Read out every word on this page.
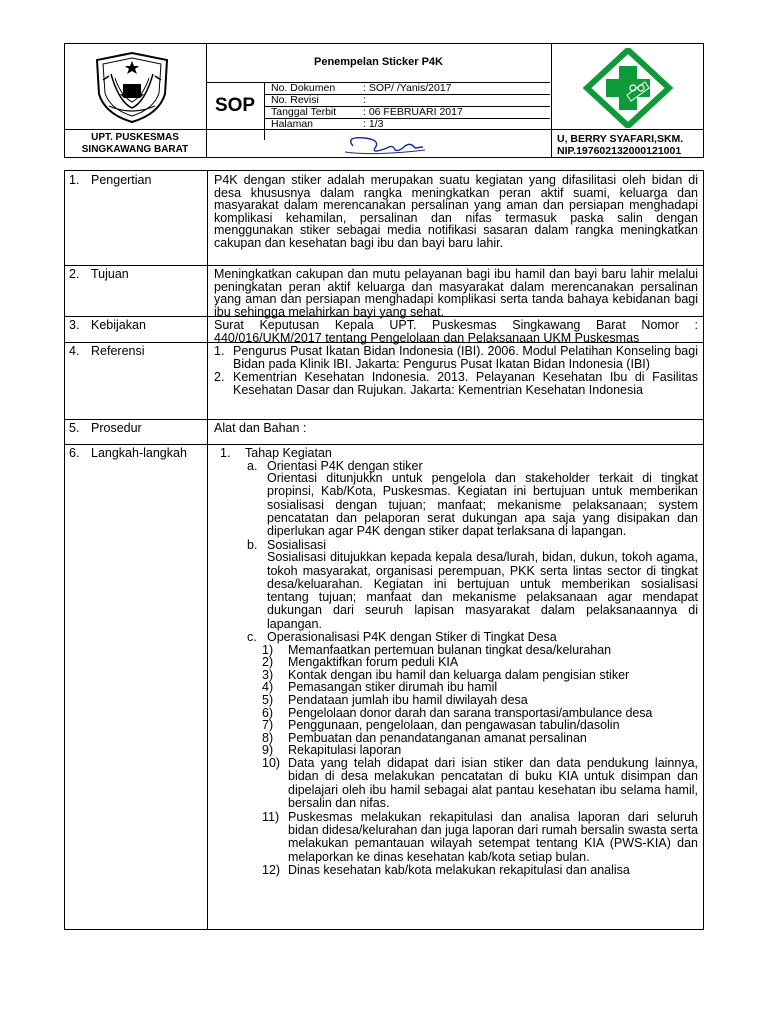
UPT. PUSKESMAS
SINGKAWANG BARAT
Penempelan Sticker P4K
SOP
No. Dokumen	: SOP/ /Yanis/2017
No. Revisi	:
Tanggal Terbit	: 06 FEBRUARI 2017
Halaman	: 1/3
U, BERRY SYAFARI,SKM.
NIP.197602132000121001
1. Pengertian	P4K dengan stiker adalah merupakan suatu kegiatan yang difasilitasi oleh bidan di desa khususnya dalam rangka meningkatkan peran aktif suami, keluarga dan masyarakat dalam merencanakan persalinan yang aman dan persiapan menghadapi komplikasi kehamilan, persalinan dan nifas termasuk paska salin dengan menggunakan stiker sebagai media notifikasi sasaran dalam rangka meningkatkan cakupan dan kesehatan bagi ibu dan bayi baru lahir.
2. Tujuan	Meningkatkan cakupan dan mutu pelayanan bagi ibu hamil dan bayi baru lahir melalui peningkatan peran aktif keluarga dan masyarakat dalam merencanakan persalinan yang aman dan persiapan menghadapi komplikasi serta tanda bahaya kebidanan bagi ibu sehingga melahirkan bayi yang sehat.
3. Kebijakan	Surat Keputusan Kepala UPT. Puskesmas Singkawang Barat Nomor : 440/016/UKM/2017 tentang Pengelolaan dan Pelaksanaan UKM Puskesmas
4. Referensi	1. Pengurus Pusat Ikatan Bidan Indonesia (IBI). 2006. Modul Pelatihan Konseling bagi Bidan pada Klinik IBI. Jakarta: Pengurus Pusat Ikatan Bidan Indonesia (IBI)
2. Kementrian Kesehatan Indonesia. 2013. Pelayanan Kesehatan Ibu di Fasilitas Kesehatan Dasar dan Rujukan. Jakarta: Kementrian Kesehatan Indonesia
5. Prosedur	Alat dan Bahan :
6. Langkah-langkah	1. Tahap Kegiatan
a. Orientasi P4K dengan stiker
Orientasi ditunjukkn untuk pengelola dan stakeholder terkait di tingkat propinsi, Kab/Kota, Puskesmas. Kegiatan ini bertujuan untuk memberikan sosialisasi dengan tujuan; manfaat; mekanisme pelaksanaan; system pencatatan dan pelaporan serat dukungan apa saja yang disipakan dan diperlukan agar P4K dengan stiker dapat terlaksana di lapangan.
b. Sosialisasi
Sosialisasi ditujukkan kepada kepala desa/lurah, bidan, dukun, tokoh agama, tokoh masyarakat, organisasi perempuan, PKK serta lintas sector di tingkat desa/keluarahan. Kegiatan ini bertujuan untuk memberikan sosialisasi tentang tujuan; manfaat dan mekanisme pelaksanaan agar mendapat dukungan dari seuruh lapisan masyarakat dalam pelaksanaannya di lapangan.
c. Operasionalisasi P4K dengan Stiker di Tingkat Desa
1) Memanfaatkan pertemuan bulanan tingkat desa/kelurahan
2) Mengaktifkan forum peduli KIA
3) Kontak dengan ibu hamil dan keluarga dalam pengisian stiker
4) Pemasangan stiker dirumah ibu hamil
5) Pendataan jumlah ibu hamil diwilayah desa
6) Pengelolaan donor darah dan sarana transportasi/ambulance desa
7) Penggunaan, pengelolaan, dan pengawasan tabulin/dasolin
8) Pembuatan dan penandatanganan amanat persalinan
9) Rekapitulasi laporan
10) Data yang telah didapat dari isian stiker dan data pendukung lainnya, bidan di desa melakukan pencatatan di buku KIA untuk disimpan dan dipelajari oleh ibu hamil sebagai alat pantau kesehatan ibu selama hamil, bersalin dan nifas.
11) Puskesmas melakukan rekapitulasi dan analisa laporan dari seluruh bidan didesa/kelurahan dan juga laporan dari rumah bersalin swasta serta melakukan pemantauan wilayah setempat tentang KIA (PWS-KIA) dan melaporkan ke dinas kesehatan kab/kota setiap bulan.
12) Dinas kesehatan kab/kota melakukan rekapitulasi dan analisa
